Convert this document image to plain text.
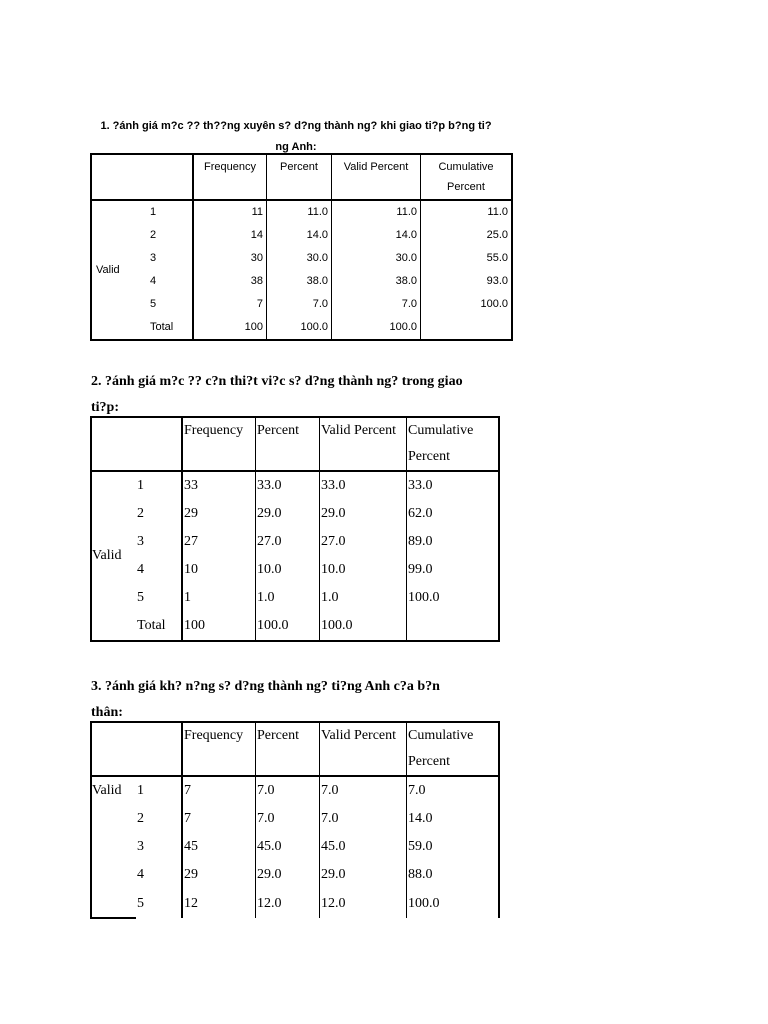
1. ?ánh giá m?c ?? th??ng xuyên s? d?ng thành ng? khi giao ti?p b?ng ti?
ng Anh:
		Frequency	Percent	Valid Percent	Cumulative Percent
Valid	1	11	11.0	11.0	11.0
	2	14	14.0	14.0	25.0
	3	30	30.0	30.0	55.0
	4	38	38.0	38.0	93.0
	5	7	7.0	7.0	100.0
	Total	100	100.0	100.0	
2. ?ánh giá m?c ?? c?n thi?t vi?c s? d?ng thành ng? trong giao
ti?p:
		Frequency	Percent	Valid Percent	Cumulative Percent
Valid	1	33	33.0	33.0	33.0
	2	29	29.0	29.0	62.0
	3	27	27.0	27.0	89.0
	4	10	10.0	10.0	99.0
	5	1	1.0	1.0	100.0
	Total	100	100.0	100.0	
3. ?ánh giá kh? n?ng s? d?ng thành ng? ti?ng Anh c?a b?n
thân:
		Frequency	Percent	Valid Percent	Cumulative Percent
Valid	1	7	7.0	7.0	7.0
	2	7	7.0	7.0	14.0
	3	45	45.0	45.0	59.0
	4	29	29.0	29.0	88.0
	5	12	12.0	12.0	100.0
